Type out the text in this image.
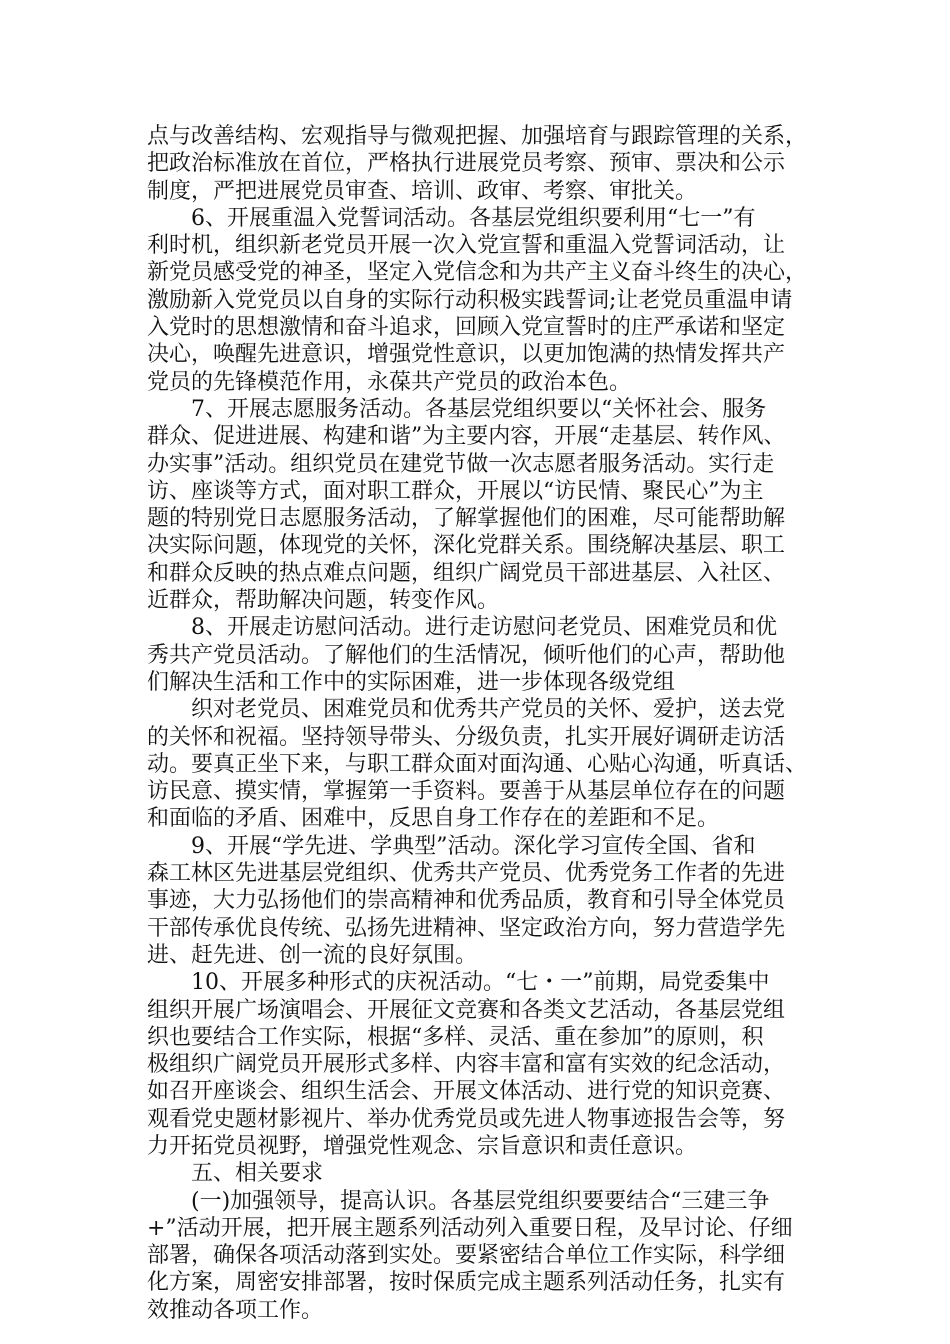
点与改善结构、宏观指导与微观把握、加强培育与跟踪管理的关系，
把政治标准放在首位，严格执行进展党员考察、预审、票决和公示
制度，严把进展党员审查、培训、政审、考察、审批关。
6、开展重温入党誓词活动。各基层党组织要利用“七一”有
利时机，组织新老党员开展一次入党宣誓和重温入党誓词活动，让
新党员感受党的神圣，坚定入党信念和为共产主义奋斗终生的决心，
激励新入党党员以自身的实际行动积极实践誓词;让老党员重温申请
入党时的思想激情和奋斗追求，回顾入党宣誓时的庄严承诺和坚定
决心，唤醒先进意识，增强党性意识，以更加饱满的热情发挥共产
党员的先锋模范作用，永葆共产党员的政治本色。
7、开展志愿服务活动。各基层党组织要以“关怀社会、服务
群众、促进进展、构建和谐”为主要内容，开展“走基层、转作风、
办实事”活动。组织党员在建党节做一次志愿者服务活动。实行走
访、座谈等方式，面对职工群众，开展以“访民情、聚民心”为主
题的特别党日志愿服务活动，了解掌握他们的困难，尽可能帮助解
决实际问题，体现党的关怀，深化党群关系。围绕解决基层、职工
和群众反映的热点难点问题，组织广阔党员干部进基层、入社区、
近群众，帮助解决问题，转变作风。
8、开展走访慰问活动。进行走访慰问老党员、困难党员和优
秀共产党员活动。了解他们的生活情况，倾听他们的心声，帮助他
们解决生活和工作中的实际困难，进一步体现各级党组
织对老党员、困难党员和优秀共产党员的关怀、爱护，送去党
的关怀和祝福。坚持领导带头、分级负责，扎实开展好调研走访活
动。要真正坐下来，与职工群众面对面沟通、心贴心沟通，听真话、
访民意、摸实情，掌握第一手资料。要善于从基层单位存在的问题
和面临的矛盾、困难中，反思自身工作存在的差距和不足。
9、开展“学先进、学典型”活动。深化学习宣传全国、省和
森工林区先进基层党组织、优秀共产党员、优秀党务工作者的先进
事迹，大力弘扬他们的崇高精神和优秀品质，教育和引导全体党员
干部传承优良传统、弘扬先进精神、坚定政治方向，努力营造学先
进、赶先进、创一流的良好氛围。
10、开展多种形式的庆祝活动。“七・一”前期，局党委集中
组织开展广场演唱会、开展征文竞赛和各类文艺活动，各基层党组
织也要结合工作实际，根据“多样、灵活、重在参加”的原则，积
极组织广阔党员开展形式多样、内容丰富和富有实效的纪念活动，
如召开座谈会、组织生活会、开展文体活动、进行党的知识竞赛、
观看党史题材影视片、举办优秀党员或先进人物事迹报告会等，努
力开拓党员视野，增强党性观念、宗旨意识和责任意识。
五、相关要求
(一)加强领导，提高认识。各基层党组织要要结合“三建三争
+”活动开展，把开展主题系列活动列入重要日程，及早讨论、仔细
部署，确保各项活动落到实处。要紧密结合单位工作实际，科学细
化方案，周密安排部署，按时保质完成主题系列活动任务，扎实有
效推动各项工作。
